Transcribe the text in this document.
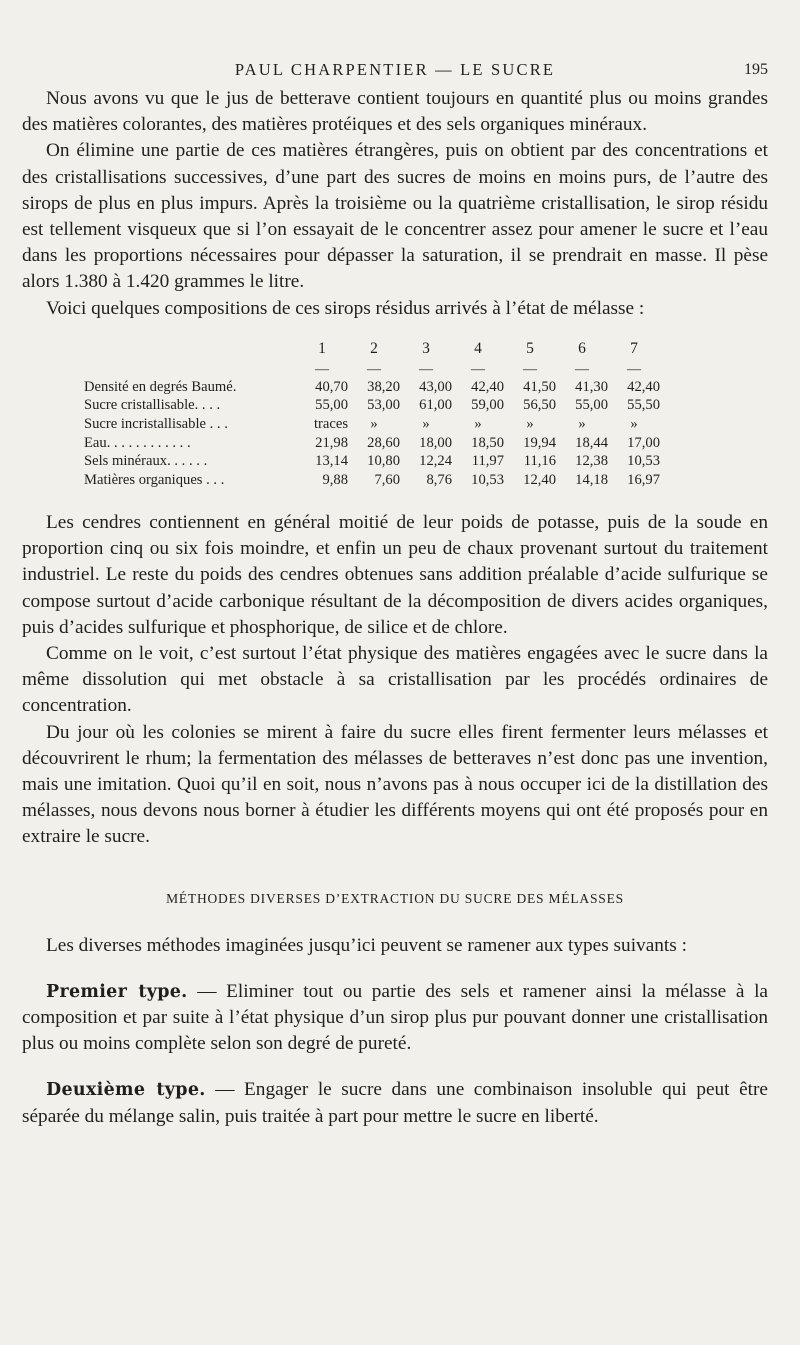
PAUL CHARPENTIER — LE SUCRE	195

Nous avons vu que le jus de betterave contient toujours en quantité plus ou moins grandes des matières colorantes, des matières protéiques et des sels organiques minéraux.

On élimine une partie de ces matières étrangères, puis on obtient par des concentrations et des cristallisations successives, d’une part des sucres de moins en moins purs, de l’autre des sirops de plus en plus impurs. Après la troisième ou la quatrième cristallisation, le sirop résidu est tellement visqueux que si l’on essayait de le concentrer assez pour amener le sucre et l’eau dans les proportions nécessaires pour dépasser la saturation, il se prendrait en masse. Il pèse alors 1.380 à 1.420 grammes le litre.

Voici quelques compositions de ces sirops résidus arrivés à l’état de mélasse :

	1	2	3	4	5	6	7
	—	—	—	—	—	—	—
Densité en degrés Baumé.	40,70	38,20	43,00	42,40	41,50	41,30	42,40
Sucre cristallisable. . . .	55,00	53,00	61,00	59,00	56,50	55,00	55,50
Sucre incristallisable . . .	traces	»	»	»	»	»	»
Eau. . . . . . . . . . . .	21,98	28,60	18,00	18,50	19,94	18,44	17,00
Sels minéraux. . . . . .	13,14	10,80	12,24	11,97	11,16	12,38	10,53
Matières organiques . . .	9,88	7,60	8,76	10,53	12,40	14,18	16,97

Les cendres contiennent en général moitié de leur poids de potasse, puis de la soude en proportion cinq ou six fois moindre, et enfin un peu de chaux provenant surtout du traitement industriel. Le reste du poids des cendres obtenues sans addition préalable d’acide sulfurique se compose surtout d’acide carbonique résultant de la décomposition de divers acides organiques, puis d’acides sulfurique et phosphorique, de silice et de chlore.

Comme on le voit, c’est surtout l’état physique des matières engagées avec le sucre dans la même dissolution qui met obstacle à sa cristallisation par les procédés ordinaires de concentration.

Du jour où les colonies se mirent à faire du sucre elles firent fermenter leurs mélasses et découvrirent le rhum; la fermentation des mélasses de betteraves n’est donc pas une invention, mais une imitation. Quoi qu’il en soit, nous n’avons pas à nous occuper ici de la distillation des mélasses, nous devons nous borner à étudier les différents moyens qui ont été proposés pour en extraire le sucre.

MÉTHODES DIVERSES D’EXTRACTION DU SUCRE DES MÉLASSES

Les diverses méthodes imaginées jusqu’ici peuvent se ramener aux types suivants :

Premier type. — Eliminer tout ou partie des sels et ramener ainsi la mélasse à la composition et par suite à l’état physique d’un sirop plus pur pouvant donner une cristallisation plus ou moins complète selon son degré de pureté.

Deuxième type. — Engager le sucre dans une combinaison insoluble qui peut être séparée du mélange salin, puis traitée à part pour mettre le sucre en liberté.
